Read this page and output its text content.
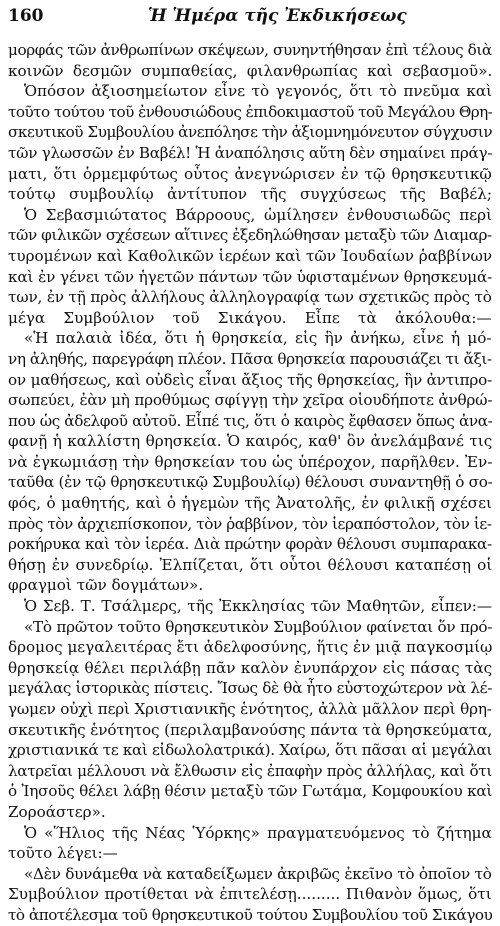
160	Ἡ Ἡμέρα τῆς Ἐκδικήσεως
μορφάς τῶν ἀνθρωπίνων σκέψεων, συνηντήθησαν ἐπὶ τέλους διὰ
κοινῶν δεσμῶν συμπαθείας, φιλανθρωπίας καὶ σεβασμοῦ».
Ὁπόσον ἀξιοσημείωτον εἶνε τὸ γεγονός, ὅτι τὸ πνεῦμα καὶ
τοῦτο τούτου τοῦ ἐνθουσιώδους ἐπιδοκιμαστοῦ τοῦ Μεγάλου Θρη-
σκευτικοῦ Συμβουλίου ἀνεπόλησε τὴν ἀξιομνημόνευτον σύγχυσιν
τῶν γλωσσῶν ἐν Βαβέλ! Ἡ ἀναπόλησις αὕτη δὲν σημαίνει πράγ-
ματι, ὅτι ὁρμεμφύτως οὗτος ἀνεγνώρισεν ἐν τῷ θρησκευτικῷ
τούτῳ συμβουλίῳ ἀντίτυπον τῆς συγχύσεως τῆς Βαβέλ;
Ὁ Σεβασμιώτατος Βάρροους, ὡμίλησεν ἐνθουσιωδῶς περὶ
τῶν φιλικῶν σχέσεων αἵτινες ἐξεδηλώθησαν μεταξὺ τῶν Διαμαρ-
τυρομένων καὶ Καθολικῶν ἱερέων καὶ τῶν Ἰουδαίων ῥαββίνων
καὶ ἐν γένει τῶν ἡγετῶν πάντων τῶν ὑφισταμένων θρησκευμά-
των, ἐν τῇ πρὸς ἀλλήλους ἀλληλογραφίᾳ των σχετικῶς πρὸς τὸ
μέγα Συμβούλιον τοῦ Σικάγου. Εἶπε τὰ ἀκόλουθα:—
«Ἡ παλαιὰ ἰδέα, ὅτι ἡ θρησκεία, εἰς ἣν ἀνήκω, εἶνε ἡ μό-
νη ἀληθής, παρεγράφη πλέον. Πᾶσα θρησκεία παρουσιάζει τι ἄξι-
ον μαθήσεως, καὶ οὐδεὶς εἶναι ἄξιος τῆς θρησκείας, ἣν ἀντιπρο-
σωπεύει, ἐὰν μὴ προθύμως σφίγγῃ τὴν χεῖρα οἱουδήποτε ἀνθρώ-
που ὡς ἀδελφοῦ αὐτοῦ. Εἶπέ τις, ὅτι ὁ καιρὸς ἔφθασεν ὅπως ἀνα-
φανῇ ἡ καλλίστη θρησκεία. Ὁ καιρός, καθ' ὃν ἀνελάμβανέ τις
νὰ ἐγκωμιάσῃ τὴν θρησκείαν του ὡς ὑπέροχον, παρῆλθεν. Ἐν-
ταῦθα (ἐν τῷ θρησκευτικῷ Συμβουλίῳ) θέλουσι συναντηθῇ ὁ σο-
φός, ὁ μαθητής, καὶ ὁ ἡγεμὼν τῆς Ἀνατολῆς, ἐν φιλικῇ σχέσει
πρὸς τὸν ἀρχιεπίσκοπον, τὸν ῥαββίνον, τὸν ἱεραπόστολον, τὸν ἱε-
ροκήρυκα καὶ τὸν ἱερέα. Διὰ πρώτην φορὰν θέλουσι συμπαρακα-
θήσῃ ἐν συνεδρίῳ. Ἐλπίζεται, ὅτι οὗτοι θέλουσι καταπέσῃ οἱ
φραγμοὶ τῶν δογμάτων».
Ὁ Σεβ. Τ. Τσάλμερς, τῆς Ἐκκλησίας τῶν Μαθητῶν, εἶπεν:—
«Τὸ πρῶτον τοῦτο θρησκευτικὸν Συμβούλιον φαίνεται ὅν πρό-
δρομος μεγαλειτέρας ἔτι ἀδελφοσύνης, ἥτις ἐν μιᾷ παγκοσμίῳ
θρησκείᾳ θέλει περιλάβῃ πᾶν καλὸν ἐνυπάρχον εἰς πάσας τὰς
μεγάλας ἱστορικὰς πίστεις. Ἴσως δὲ θὰ ἦτο εὐστοχώτερον νὰ λέ-
γωμεν οὐχὶ περὶ Χριστιανικῆς ἑνότητος, ἀλλὰ μᾶλλον περὶ θρη-
σκευτικῆς ἑνότητος (περιλαμβανούσης πάντα τὰ θρησκεύματα,
χριστιανικά τε καὶ εἰδωλολατρικά). Χαίρω, ὅτι πᾶσαι αἱ μεγάλαι
λατρεῖαι μέλλουσι νὰ ἔλθωσιν εἰς ἐπαφὴν πρὸς ἀλλήλας, καὶ ὅτι
ὁ Ἰησοῦς θέλει λάβῃ θέσιν μεταξὺ τῶν Γωτάμα, Κομφουκίου καὶ
Ζοροάστερ».
Ὁ «Ἥλιος τῆς Νέας Ὑόρκης» πραγματευόμενος τὸ ζήτημα
τοῦτο λέγει:—
«Δὲν δυνάμεθα νὰ καταδείξωμεν ἀκριβῶς ἐκεῖνο τὸ ὁποῖον τὸ
Συμβούλιον προτίθεται νὰ ἐπιτελέσῃ......... Πιθανὸν ὅμως, ὅτι
τὸ ἀποτέλεσμα τοῦ θρησκευτικοῦ τούτου Συμβουλίου τοῦ Σικάγου
